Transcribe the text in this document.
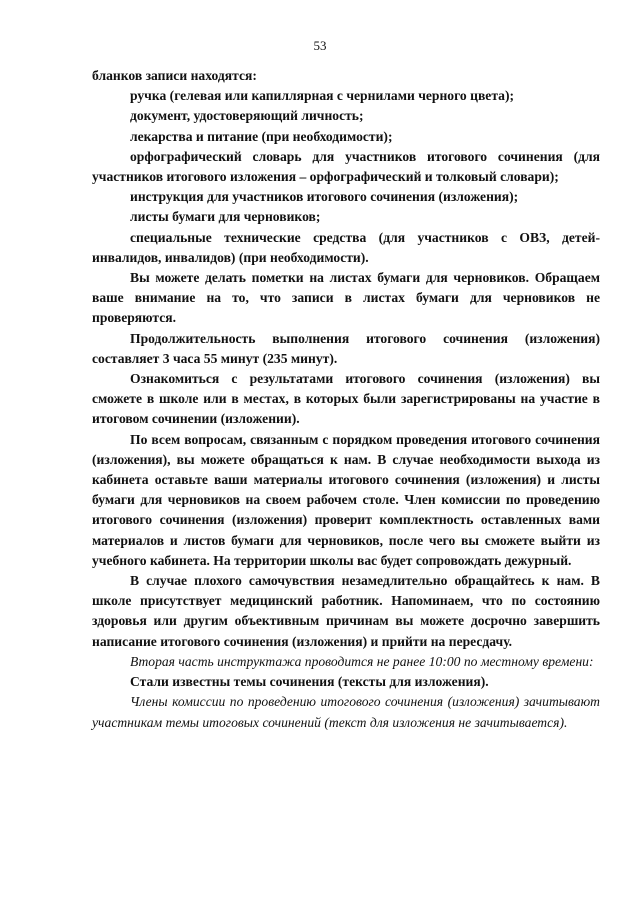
53

бланков записи находятся:

ручка (гелевая или капиллярная с чернилами черного цвета);

документ, удостоверяющий личность;

лекарства и питание (при необходимости);

орфографический словарь для участников итогового сочинения (для участников итогового изложения – орфографический и толковый словари);

инструкция для участников итогового сочинения (изложения);

листы бумаги для черновиков;

специальные технические средства (для участников с ОВЗ, детей-инвалидов, инвалидов) (при необходимости).

Вы можете делать пометки на листах бумаги для черновиков. Обращаем ваше внимание на то, что записи в листах бумаги для черновиков не проверяются.

Продолжительность выполнения итогового сочинения (изложения) составляет 3 часа 55 минут (235 минут).

Ознакомиться с результатами итогового сочинения (изложения) вы сможете в школе или в местах, в которых были зарегистрированы на участие в итоговом сочинении (изложении).

По всем вопросам, связанным с порядком проведения итогового сочинения (изложения), вы можете обращаться к нам. В случае необходимости выхода из кабинета оставьте ваши материалы итогового сочинения (изложения) и листы бумаги для черновиков на своем рабочем столе. Член комиссии по проведению итогового сочинения (изложения) проверит комплектность оставленных вами материалов и листов бумаги для черновиков, после чего вы сможете выйти из учебного кабинета. На территории школы вас будет сопровождать дежурный.

В случае плохого самочувствия незамедлительно обращайтесь к нам. В школе присутствует медицинский работник. Напоминаем, что по состоянию здоровья или другим объективным причинам вы можете досрочно завершить написание итогового сочинения (изложения) и прийти на пересдачу.

Вторая часть инструктажа проводится не ранее 10:00 по местному времени:

Стали известны темы сочинения (тексты для изложения).

Члены комиссии по проведению итогового сочинения (изложения) зачитывают участникам темы итоговых сочинений (текст для изложения не зачитывается).
